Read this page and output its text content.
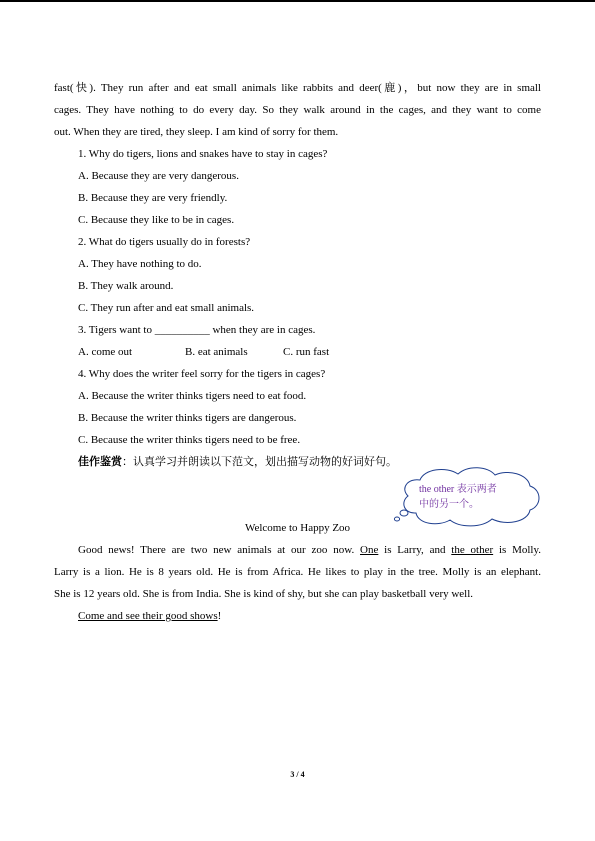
fast(快). They run after and eat small animals like rabbits and deer(鹿)，but now they are in small
cages. They have nothing to do every day. So they walk around in the cages, and they want to come
out. When they are tired, they sleep. I am kind of sorry for them.
1. Why do tigers, lions and snakes have to stay in cages?
A. Because they are very dangerous.
B. Because they are very friendly.
C. Because they like to be in cages.
2. What do tigers usually do in forests?
A. They have nothing to do.
B. They walk around.
C. They run after and eat small animals.
3. Tigers want to __________ when they are in cages.
A. come out	B. eat animals	C. run fast
4. Why does the writer feel sorry for the tigers in cages?
A. Because the writer thinks tigers need to eat food.
B. Because the writer thinks tigers are dangerous.
C. Because the writer thinks tigers need to be free.
佳作鉴赏：认真学习并朗读以下范文，划出描写动物的好词好句。
the other 表示两者
中的另一个。
Welcome to Happy Zoo
Good news! There are two new animals at our zoo now. One is Larry, and the other is Molly.
Larry is a lion. He is 8 years old. He is from Africa. He likes to play in the tree. Molly is an elephant.
She is 12 years old. She is from India. She is kind of shy, but she can play basketball very well.
Come and see their good shows!
3 / 4
